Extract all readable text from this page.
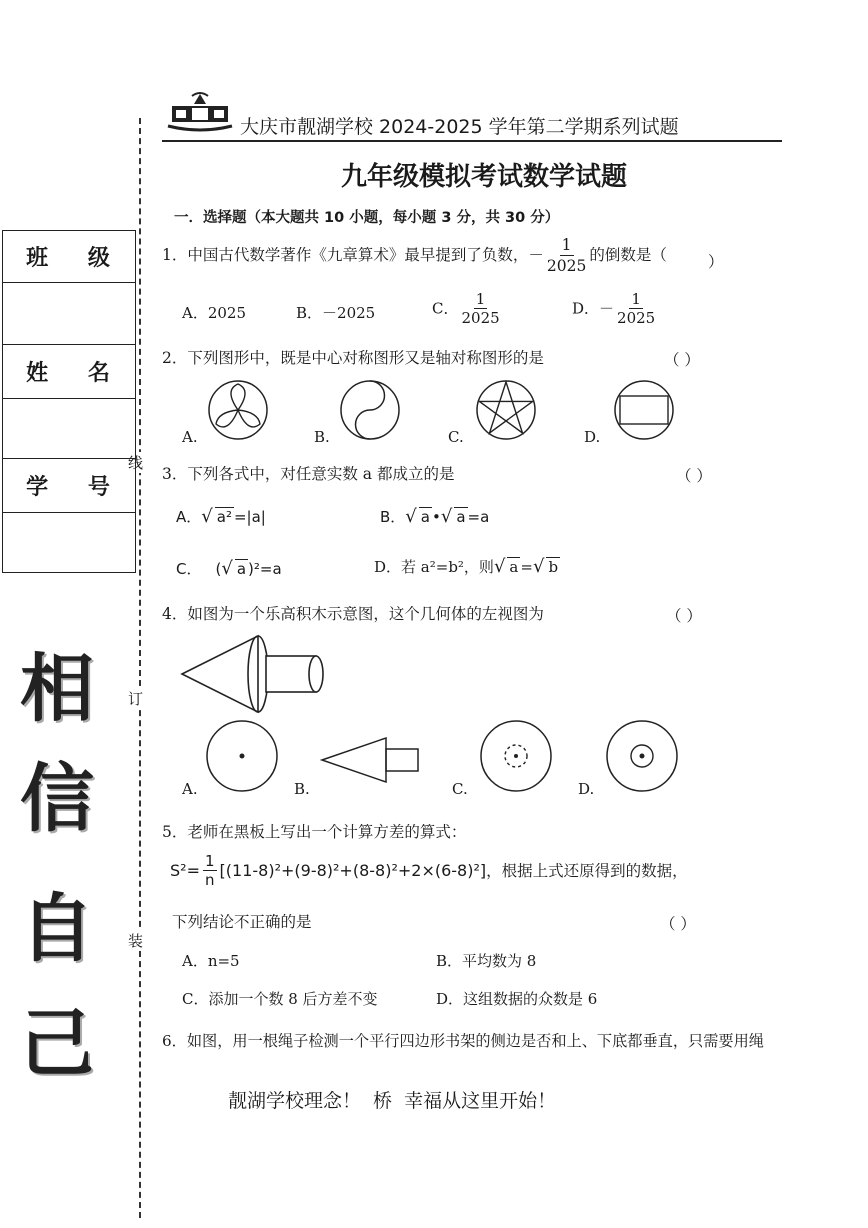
线
订
装
班 级
姓 名
学 号
相
信
自
己
大庆市靓湖学校 2024-2025 学年第二学期系列试题
九年级模拟考试数学试题
一．选择题（本大题共 10 小题，每小题 3 分，共 30 分）
1．中国古代数学著作《九章算术》最早提到了负数，－ $\frac{1}{2025}$ 的倒数是（	）
A．2025	B．－2025	C． $\frac{1}{2025}$	D．－ $\frac{1}{2025}$
2．下列图形中，既是中心对称图形又是轴对称图形的是	（ ）
A.	B.	C.	D.
3．下列各式中，对任意实数 a 都成立的是	（ ）
A．√ a² =|a|	B．√ a •√ a =a
C． (√ a )²=a	D．若 a²=b²，则√ a =√ b
4．如图为一个乐高积木示意图，这个几何体的左视图为	（ ）
A.	B.	C.	D.
5．老师在黑板上写出一个计算方差的算式：
$S^2= \frac{1}{n} [(11-8)^2+(9-8)^2+(8-8)^2+2\times(6-8)^2]$，根据上式还原得到的数据，
下列结论不正确的是	（ ）
A．n=5	B．平均数为 8
C．添加一个数 8 后方差不变	D．这组数据的众数是 6
6．如图，用一根绳子检测一个平行四边形书架的侧边是否和上、下底都垂直，只需要用绳
靓湖学校理念！ 桥 幸福从这里开始！
